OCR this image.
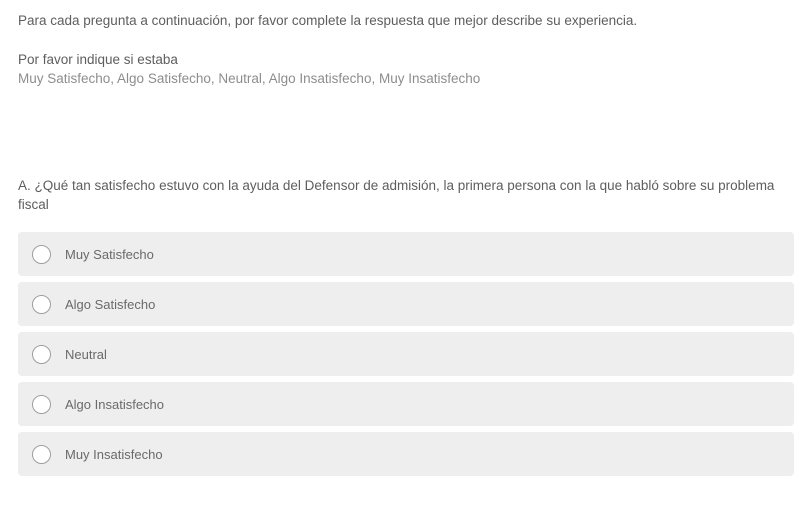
Para cada pregunta a continuación, por favor complete la respuesta que mejor describe su experiencia.

Por favor indique si estaba

Muy Satisfecho, Algo Satisfecho, Neutral, Algo Insatisfecho, Muy Insatisfecho

A. ¿Qué tan satisfecho estuvo con la ayuda del Defensor de admisión, la primera persona con la que habló sobre su problema fiscal

Muy Satisfecho
Algo Satisfecho
Neutral
Algo Insatisfecho
Muy Insatisfecho
